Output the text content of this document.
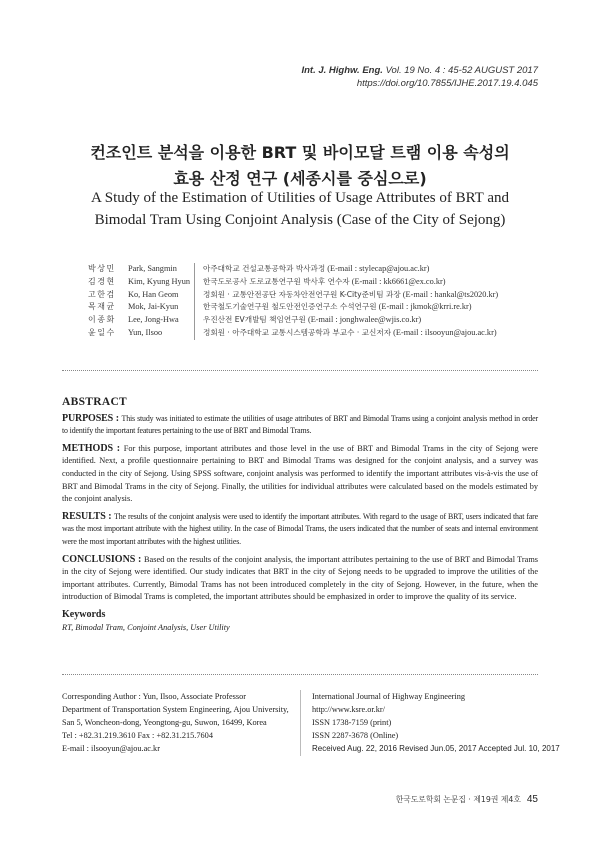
Int. J. Highw. Eng. Vol. 19 No. 4 : 45-52 AUGUST 2017
https://doi.org/10.7855/IJHE.2017.19.4.045
컨조인트 분석을 이용한 BRT 및 바이모달 트램 이용 속성의
효용 산정 연구 (세종시를 중심으로)
A Study of the Estimation of Utilities of Usage Attributes of BRT and
Bimodal Tram Using Conjoint Analysis (Case of the City of Sejong)
박상민	Park, Sangmin	아주대학교 건설교통공학과 박사과정 (E-mail : stylecap@ajou.ac.kr)
김경현	Kim, Kyung Hyun	한국도로공사 도로교통연구원 박사후 연수자 (E-mail : kk6661@ex.co.kr)
고한검	Ko, Han Geom	정회원 · 교통안전공단 자동차안전연구원 K-City준비팀 과장 (E-mail : hankal@ts2020.kr)
목재균	Mok, Jai-Kyun	한국철도기술연구원 철도안전인증연구소 수석연구원 (E-mail : jkmok@krri.re.kr)
이종화	Lee, Jong-Hwa	우진산전 EV개발팀 책임연구원 (E-mail : jonghwalee@wjis.co.kr)
윤일수	Yun, Ilsoo	정회원 · 아주대학교 교통시스템공학과 부교수 · 교신저자 (E-mail : ilsooyun@ajou.ac.kr)
ABSTRACT

PURPOSES : This study was initiated to estimate the utilities of usage attributes of BRT and Bimodal Trams using a conjoint analysis method in order to identify the important features pertaining to the use of BRT and Bimodal Trams.

METHODS : For this purpose, important attributes and those level in the use of BRT and Bimodal Trams in the city of Sejong were identified. Next, a profile questionnaire pertaining to BRT and Bimodal Trams was designed for the conjoint analysis, and a survey was conducted in the city of Sejong. Using SPSS software, conjoint analysis was performed to identify the important attributes vis-à-vis the use of BRT and Bimodal Trams in the city of Sejong. Finally, the utilities for individual attributes were calculated based on the models estimated by the conjoint analysis.

RESULTS : The results of the conjoint analysis were used to identify the important attributes. With regard to the usage of BRT, users indicated that fare was the most important attribute with the highest utility. In the case of Bimodal Trams, the users indicated that the number of seats and internal environment were the most important attributes with the highest utilities.

CONCLUSIONS : Based on the results of the conjoint analysis, the important attributes pertaining to the use of BRT and Bimodal Trams in the city of Sejong were identified. Our study indicates that BRT in the city of Sejong needs to be upgraded to improve the utilities of the important attributes. Currently, Bimodal Trams has not been introduced completely in the city of Sejong. However, in the future, when the introduction of Bimodal Trams is completed, the important attributes should be emphasized in order to improve the quality of its service.

Keywords
RT, Bimodal Tram, Conjoint Analysis, User Utility
Corresponding Author : Yun, Ilsoo, Associate Professor
Department of Transportation System Engineering, Ajou University,
San 5, Woncheon-dong, Yeongtong-gu, Suwon, 16499, Korea
Tel : +82.31.219.3610 Fax : +82.31.215.7604
E-mail : ilsooyun@ajou.ac.kr
International Journal of Highway Engineering
http://www.ksre.or.kr/
ISSN 1738-7159 (print)
ISSN 2287-3678 (Online)
Received Aug. 22, 2016 Revised Jun.05, 2017 Accepted Jul. 10, 2017
한국도로학회 논문집 · 제19권 제4호 45
